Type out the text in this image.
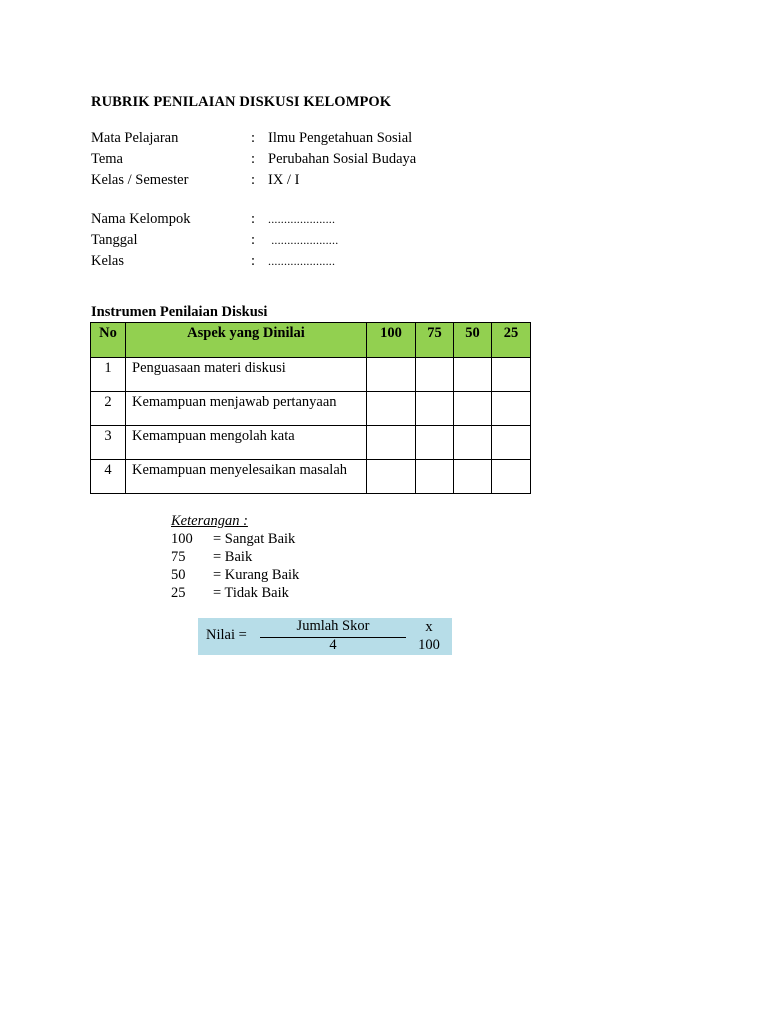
RUBRIK PENILAIAN DISKUSI KELOMPOK
Mata Pelajaran	: Ilmu Pengetahuan Sosial
Tema	: Perubahan Sosial Budaya
Kelas / Semester	: IX / I
Nama Kelompok	: .....................
Tanggal	: .....................
Kelas	: .....................
Instrumen Penilaian Diskusi
No	Aspek yang Dinilai	100	75	50	25
1	Penguasaan materi diskusi				
2	Kemampuan menjawab pertanyaan				
3	Kemampuan mengolah kata				
4	Kemampuan menyelesaikan masalah				
Keterangan :
100 = Sangat Baik
75 = Baik
50 = Kurang Baik
25 = Tidak Baik
Nilai =
Jumlah Skor
4
x
100
